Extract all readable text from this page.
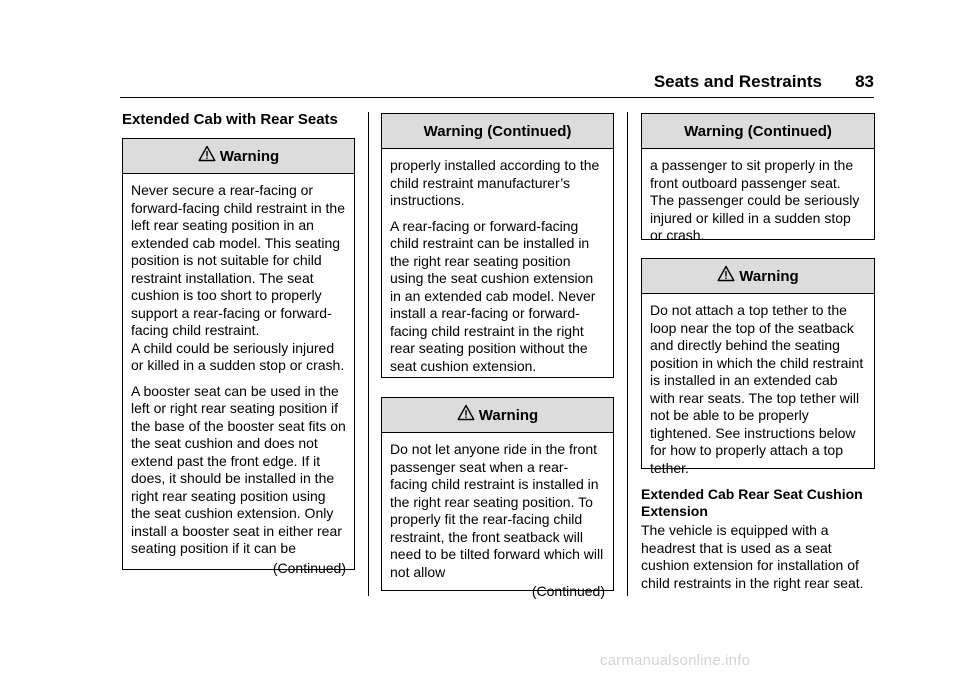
Seats and Restraints 83
Extended Cab with Rear Seats
Warning

Never secure a rear-facing or forward-facing child restraint in the left rear seating position in an extended cab model. This seating position is not suitable for child restraint installation. The seat cushion is too short to properly support a rear-facing or forward-facing child restraint.

A child could be seriously injured or killed in a sudden stop or crash.

A booster seat can be used in the left or right rear seating position if the base of the booster seat fits on the seat cushion and does not extend past the front edge. If it does, it should be installed in the right rear seating position using the seat cushion extension. Only install a booster seat in either rear seating position if it can be

(Continued)
Warning (Continued)

properly installed according to the child restraint manufacturer’s instructions.

A rear-facing or forward-facing child restraint can be installed in the right rear seating position using the seat cushion extension in an extended cab model. Never install a rear-facing or forward-facing child restraint in the right rear seating position without the seat cushion extension.

Warning

Do not let anyone ride in the front passenger seat when a rear-facing child restraint is installed in the right rear seating position. To properly fit the rear-facing child restraint, the front seatback will need to be tilted forward which will not allow

(Continued)
Warning (Continued)

a passenger to sit properly in the front outboard passenger seat. The passenger could be seriously injured or killed in a sudden stop or crash.

Warning

Do not attach a top tether to the loop near the top of the seatback and directly behind the seating position in which the child restraint is installed in an extended cab with rear seats. The top tether will not be able to be properly tightened. See instructions below for how to properly attach a top tether.

Extended Cab Rear Seat Cushion Extension
The vehicle is equipped with a headrest that is used as a seat cushion extension for installation of child restraints in the right rear seat.
carmanualsonline.info
